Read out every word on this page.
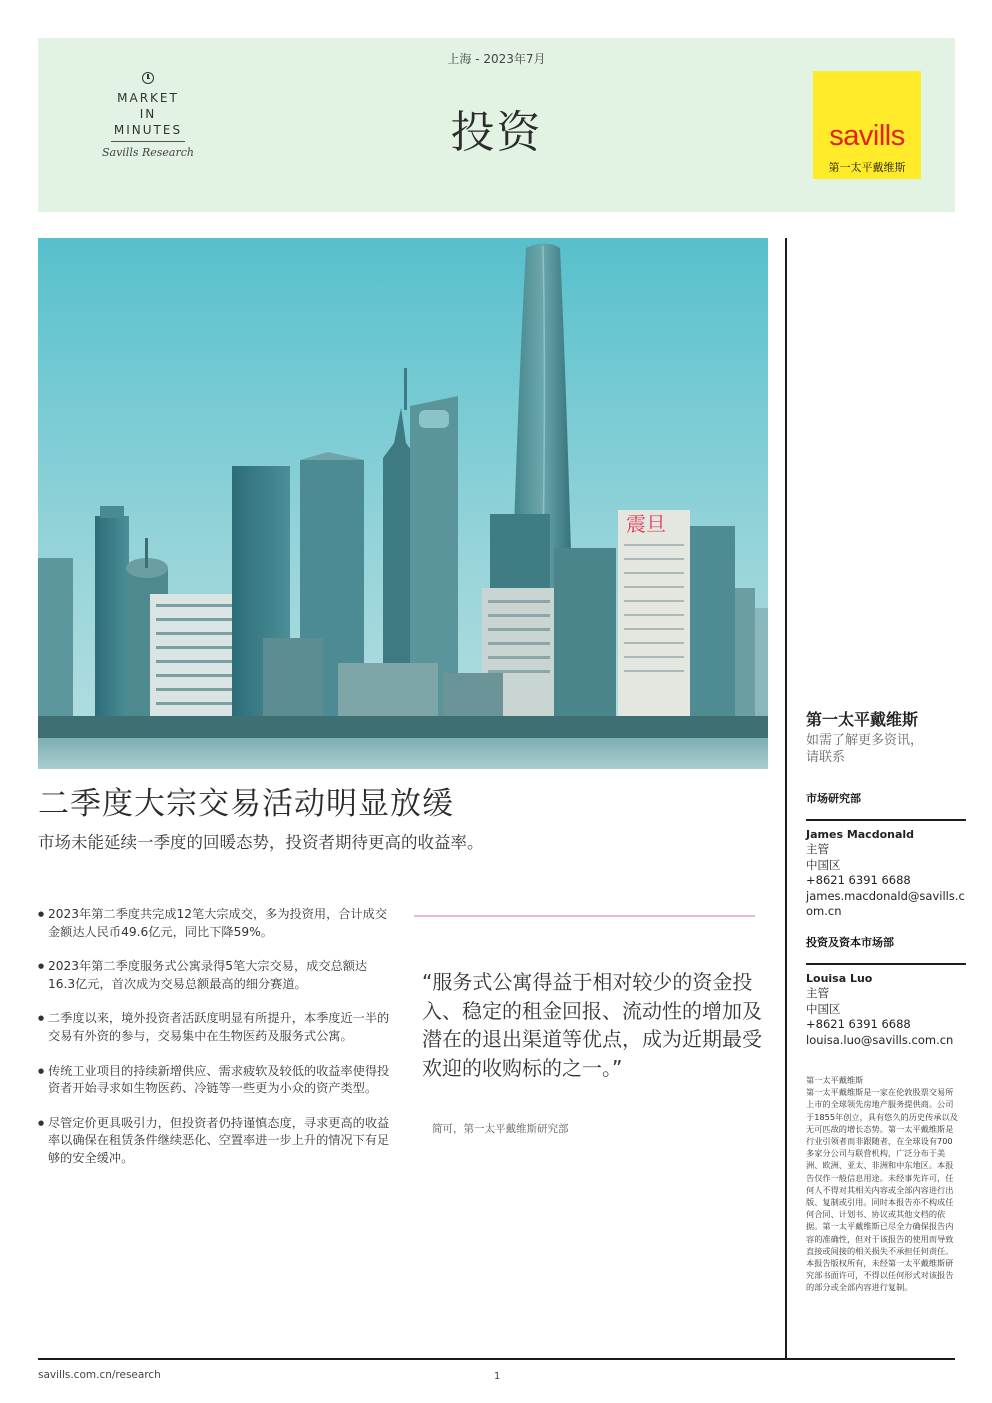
MARKET
IN
MINUTES
Savills Research
上海 - 2023年7月
投资	savills
第一太平戴维斯
震旦
第一太平戴维斯
如需了解更多资讯，
请联系
市场研究部
James Macdonald
主管
中国区
+8621 6391 6688
james.macdonald@savills.com.cn
投资及资本市场部
Louisa Luo
主管
中国区
+8621 6391 6688
louisa.luo@savills.com.cn
第一太平戴维斯
第一太平戴维斯是一家在伦敦股票交易所上市的全球领先房地产服务提供商。公司于1855年创立，具有悠久的历史传承以及无可匹敌的增长态势。第一太平戴维斯是行业引领者而非跟随者，在全球设有700多家分公司与联营机构，广泛分布于美洲、欧洲、亚太、非洲和中东地区。本报告仅作一般信息用途。未经事先许可，任何人不得对其相关内容或全部内容进行出版、复制或引用。同时本报告亦不构成任何合同、计划书、协议或其他文档的依据。第一太平戴维斯已尽全力确保报告内容的准确性，但对于该报告的使用而导致直接或间接的相关损失不承担任何责任。本报告版权所有，未经第一太平戴维斯研究部书面许可，不得以任何形式对该报告的部分或全部内容进行复制。
二季度大宗交易活动明显放缓
市场未能延续一季度的回暖态势，投资者期待更高的收益率。
● 2023年第二季度共完成12笔大宗成交，多为投资用，合计成交金额达人民币49.6亿元，同比下降59%。
● 2023年第二季度服务式公寓录得5笔大宗交易，成交总额达16.3亿元，首次成为交易总额最高的细分赛道。
● 二季度以来，境外投资者活跃度明显有所提升，本季度近一半的交易有外资的参与，交易集中在生物医药及服务式公寓。
● 传统工业项目的持续新增供应、需求疲软及较低的收益率使得投资者开始寻求如生物医药、冷链等一些更为小众的资产类型。
● 尽管定价更具吸引力，但投资者仍持谨慎态度，寻求更高的收益率以确保在租赁条件继续恶化、空置率进一步上升的情况下有足够的安全缓冲。
“服务式公寓得益于相对较少的资金投入、稳定的租金回报、流动性的增加及潜在的退出渠道等优点，成为近期最受欢迎的收购标的之一。”
简可，第一太平戴维斯研究部
savills.com.cn/research	1
